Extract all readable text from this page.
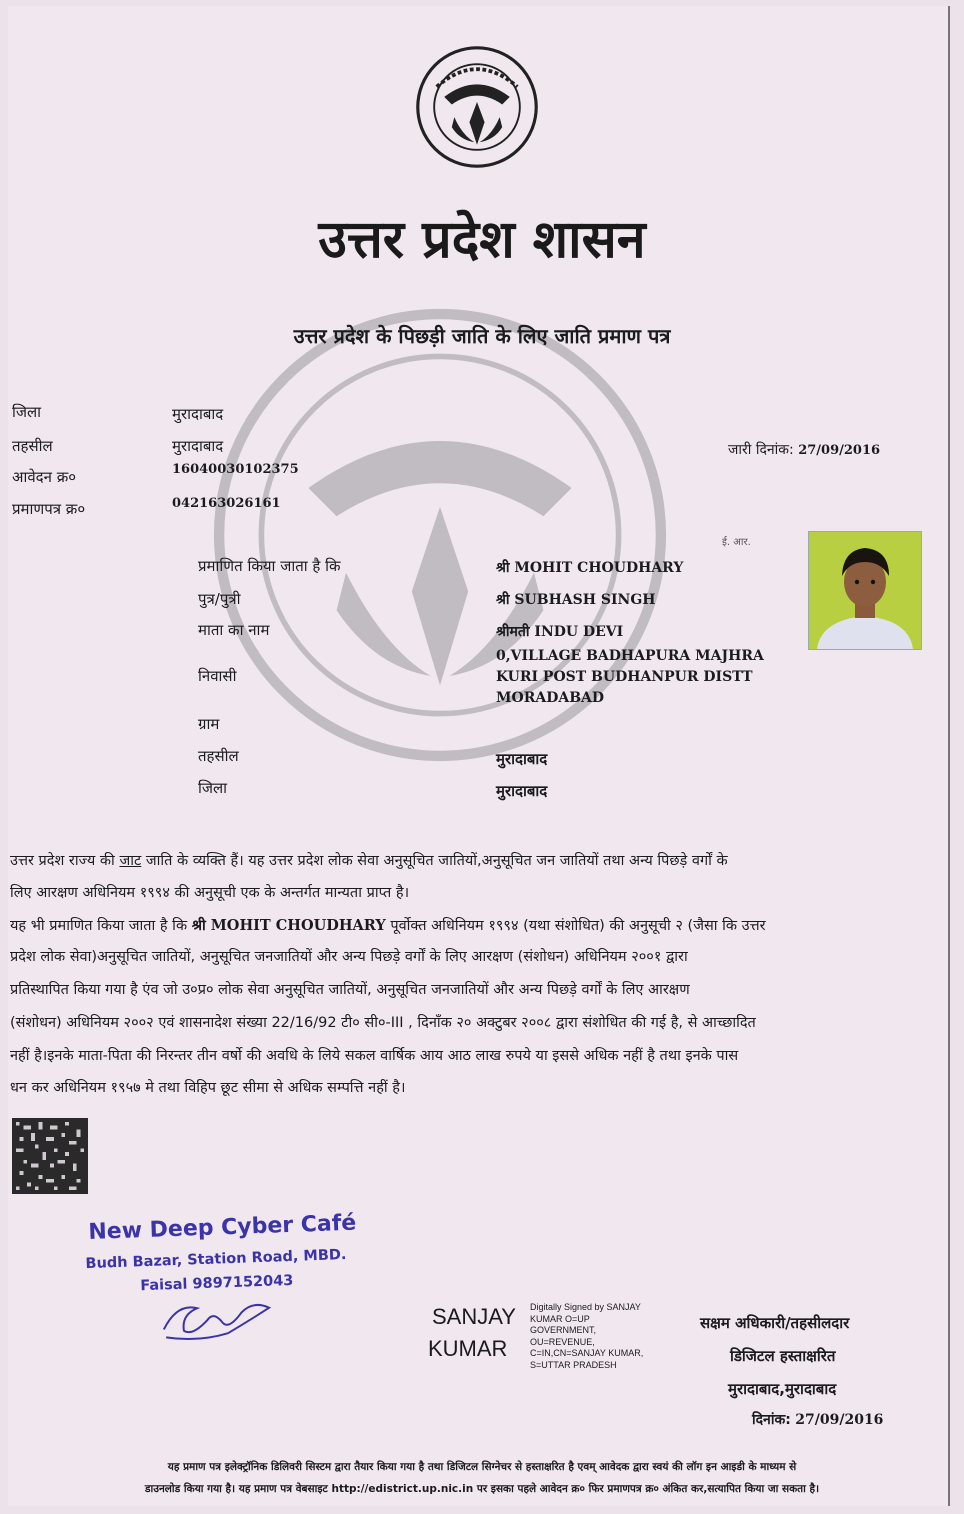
उत्तर प्रदेश शासन
उत्तर प्रदेश के पिछड़ी जाति के लिए जाति प्रमाण पत्र
जिला
तहसील
आवेदन क्र०
प्रमाणपत्र क्र०
मुरादाबाद
मुरादाबाद
16040030102375
042163026161
जारी दिनांक: 27/09/2016
प्रमाणित किया जाता है कि
पुत्र/पुत्री
माता का नाम
निवासी
ग्राम
तहसील
जिला
श्री MOHIT CHOUDHARY
श्री SUBHASH SINGH
श्रीमती INDU DEVI
0,VILLAGE BADHAPURA MAJHRA
KURI POST BUDHANPUR DISTT
MORADABAD
मुरादाबाद
मुरादाबाद
ई. आर.
उत्तर प्रदेश राज्य की जाट जाति के व्यक्ति हैं। यह उत्तर प्रदेश लोक सेवा अनुसूचित जातियों,अनुसूचित जन जातियों तथा अन्य पिछड़े वर्गों के
लिए आरक्षण अधिनियम १९९४ की अनुसूची एक के अन्तर्गत मान्यता प्राप्त है।
यह भी प्रमाणित किया जाता है कि श्री MOHIT CHOUDHARY पूर्वोक्त अधिनियम १९९४ (यथा संशोधित) की अनुसूची २ (जैसा कि उत्तर
प्रदेश लोक सेवा)अनुसूचित जातियों, अनुसूचित जनजातियों और अन्य पिछड़े वर्गों के लिए आरक्षण (संशोधन) अधिनियम २००१ द्वारा
प्रतिस्थापित किया गया है एंव जो उ०प्र० लोक सेवा अनुसूचित जातियों, अनुसूचित जनजातियों और अन्य पिछड़े वर्गों के लिए आरक्षण
(संशोधन) अधिनियम २००२ एवं शासनादेश संख्या 22/16/92 टी० सी०-III , दिनाँक २० अक्टुबर २००८ द्वारा संशोधित की गई है, से आच्छादित
नहीं है।इनके माता-पिता की निरन्तर तीन वर्षो की अवधि के लिये सकल वार्षिक आय आठ लाख रुपये या इससे अधिक नहीं है तथा इनके पास
धन कर अधिनियम १९५७ मे तथा विहिप छूट सीमा से अधिक सम्पत्ति नहीं है।
New Deep Cyber Café
Budh Bazar, Station Road, MBD.
Faisal 9897152043
SANJAY
KUMAR
Digitally Signed by SANJAY
KUMAR O=UP
GOVERNMENT,
OU=REVENUE,
C=IN,CN=SANJAY KUMAR,
S=UTTAR PRADESH
सक्षम अधिकारी/तहसीलदार
डिजिटल हस्ताक्षरित
मुरादाबाद,मुरादाबाद
दिनांक: 27/09/2016
यह प्रमाण पत्र इलेक्ट्रॉनिक डिलिवरी सिस्टम द्वारा तैयार किया गया है तथा डिजिटल सिग्नेचर से हस्ताक्षरित है एवम् आवेदक द्वारा स्वयं की लॉग इन आइडी के माध्यम से
डाउनलोड किया गया है। यह प्रमाण पत्र वेबसाइट http://edistrict.up.nic.in पर इसका पहले आवेदन क्र० फिर प्रमाणपत्र क्र० अंकित कर,सत्यापित किया जा सकता है।
